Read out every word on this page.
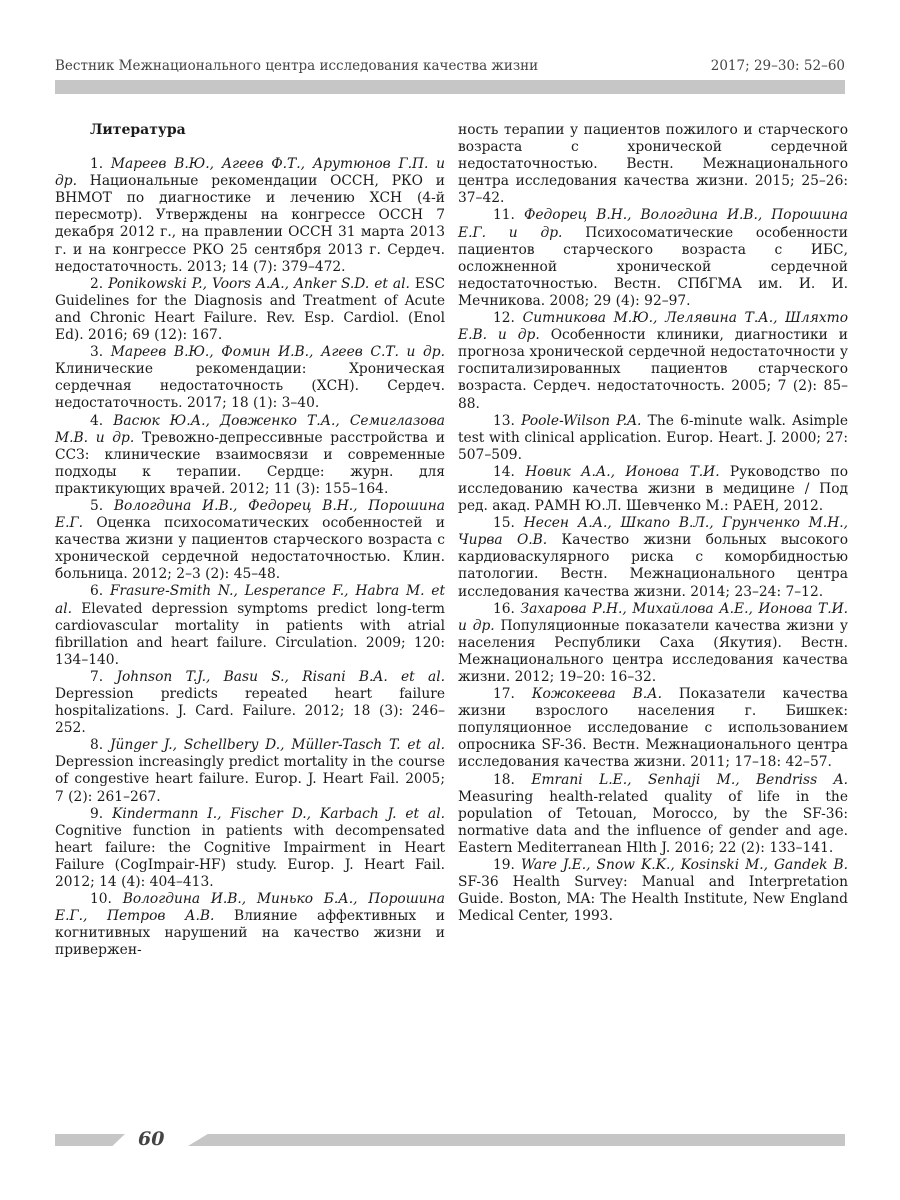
Вестник Межнационального центра исследования качества жизни	2017; 29–30: 52–60

Литература

1. Мареев В.Ю., Агеев Ф.Т., Арутюнов Г.П. и др. Национальные рекомендации ОССН, РКО и ВНМОТ по диагностике и лечению ХСН (4-й пересмотр). Утверждены на конгрессе ОССН 7 декабря 2012 г., на правлении ОССН 31 марта 2013 г. и на конгрессе РКО 25 сентября 2013 г. Сердеч. недостаточность. 2013; 14 (7): 379–472.

2. Ponikowski P., Voors A.A., Anker S.D. et al. ESC Guidelines for the Diagnosis and Treatment of Acute and Chronic Heart Failure. Rev. Esp. Cardiol. (Enol Ed). 2016; 69 (12): 167.

3. Мареев В.Ю., Фомин И.В., Агеев С.Т. и др. Клинические рекомендации: Хроническая сердечная недостаточность (ХСН). Сердеч. недостаточность. 2017; 18 (1): 3–40.

4. Васюк Ю.А., Довженко Т.А., Семиглазова М.В. и др. Тревожно-депрессивные расстройства и ССЗ: клинические взаимосвязи и современные подходы к терапии. Сердце: журн. для практикующих врачей. 2012; 11 (3): 155–164.

5. Вологдина И.В., Федорец В.Н., Порошина Е.Г. Оценка психосоматических особенностей и качества жизни у пациентов старческого возраста с хронической сердечной недостаточностью. Клин. больница. 2012; 2–3 (2): 45–48.

6. Frasure-Smith N., Lesperance F., Habra M. et al. Elevated depression symptoms predict long-term cardiovascular mortality in patients with atrial fibrillation and heart failure. Circulation. 2009; 120: 134–140.

7. Johnson T.J., Basu S., Risani B.A. et al. Depression predicts repeated heart failure hospitalizations. J. Card. Failure. 2012; 18 (3): 246–252.

8. Jünger J., Schellbery D., Müller-Tasch T. et al. Depression increasingly predict mortality in the course of congestive heart failure. Europ. J. Heart Fail. 2005; 7 (2): 261–267.

9. Kindermann I., Fischer D., Karbach J. et al. Cognitive function in patients with decompensated heart failure: the Cognitive Impairment in Heart Failure (CogImpair-HF) study. Europ. J. Heart Fail. 2012; 14 (4): 404–413.

10. Вологдина И.В., Минько Б.А., Порошина Е.Г., Петров А.В. Влияние аффективных и когнитивных нарушений на качество жизни и привержен-

ность терапии у пациентов пожилого и старческого возраста с хронической сердечной недостаточностью. Вестн. Межнационального центра исследования качества жизни. 2015; 25–26: 37–42.

11. Федорец В.Н., Вологдина И.В., Порошина Е.Г. и др. Психосоматические особенности пациентов старческого возраста с ИБС, осложненной хронической сердечной недостаточностью. Вестн. СПбГМА им. И. И. Мечникова. 2008; 29 (4): 92–97.

12. Ситникова М.Ю., Лелявина Т.А., Шляхто Е.В. и др. Особенности клиники, диагностики и прогноза хронической сердечной недостаточности у госпитализированных пациентов старческого возраста. Сердеч. недостаточность. 2005; 7 (2): 85–88.

13. Poole-Wilson P.A. The 6-minute walk. Asimple test with clinical application. Europ. Heart. J. 2000; 27: 507–509.

14. Новик А.А., Ионова Т.И. Руководство по исследованию качества жизни в медицине / Под ред. акад. РАМН Ю.Л. Шевченко М.: РАЕН, 2012.

15. Несен А.А., Шкапо В.Л., Грунченко М.Н., Чирва О.В. Качество жизни больных высокого кардиоваскулярного риска с коморбидностью патологии. Вестн. Межнационального центра исследования качества жизни. 2014; 23–24: 7–12.

16. Захарова Р.Н., Михайлова А.Е., Ионова Т.И. и др. Популяционные показатели качества жизни у населения Республики Саха (Якутия). Вестн. Межнационального центра исследования качества жизни. 2012; 19–20: 16–32.

17. Кожокеева В.А. Показатели качества жизни взрослого населения г. Бишкек: популяционное исследование с использованием опросника SF-36. Вестн. Межнационального центра исследования качества жизни. 2011; 17–18: 42–57.

18. Emrani L.E., Senhaji M., Bendriss A. Measuring health-related quality of life in the population of Tetouan, Morocco, by the SF-36: normative data and the influence of gender and age. Eastern Mediterranean Hlth J. 2016; 22 (2): 133–141.

19. Ware J.E., Snow K.K., Kosinski M., Gandek B. SF-36 Health Survey: Manual and Interpretation Guide. Boston, MA: The Health Institute, New England Medical Center, 1993.

60
